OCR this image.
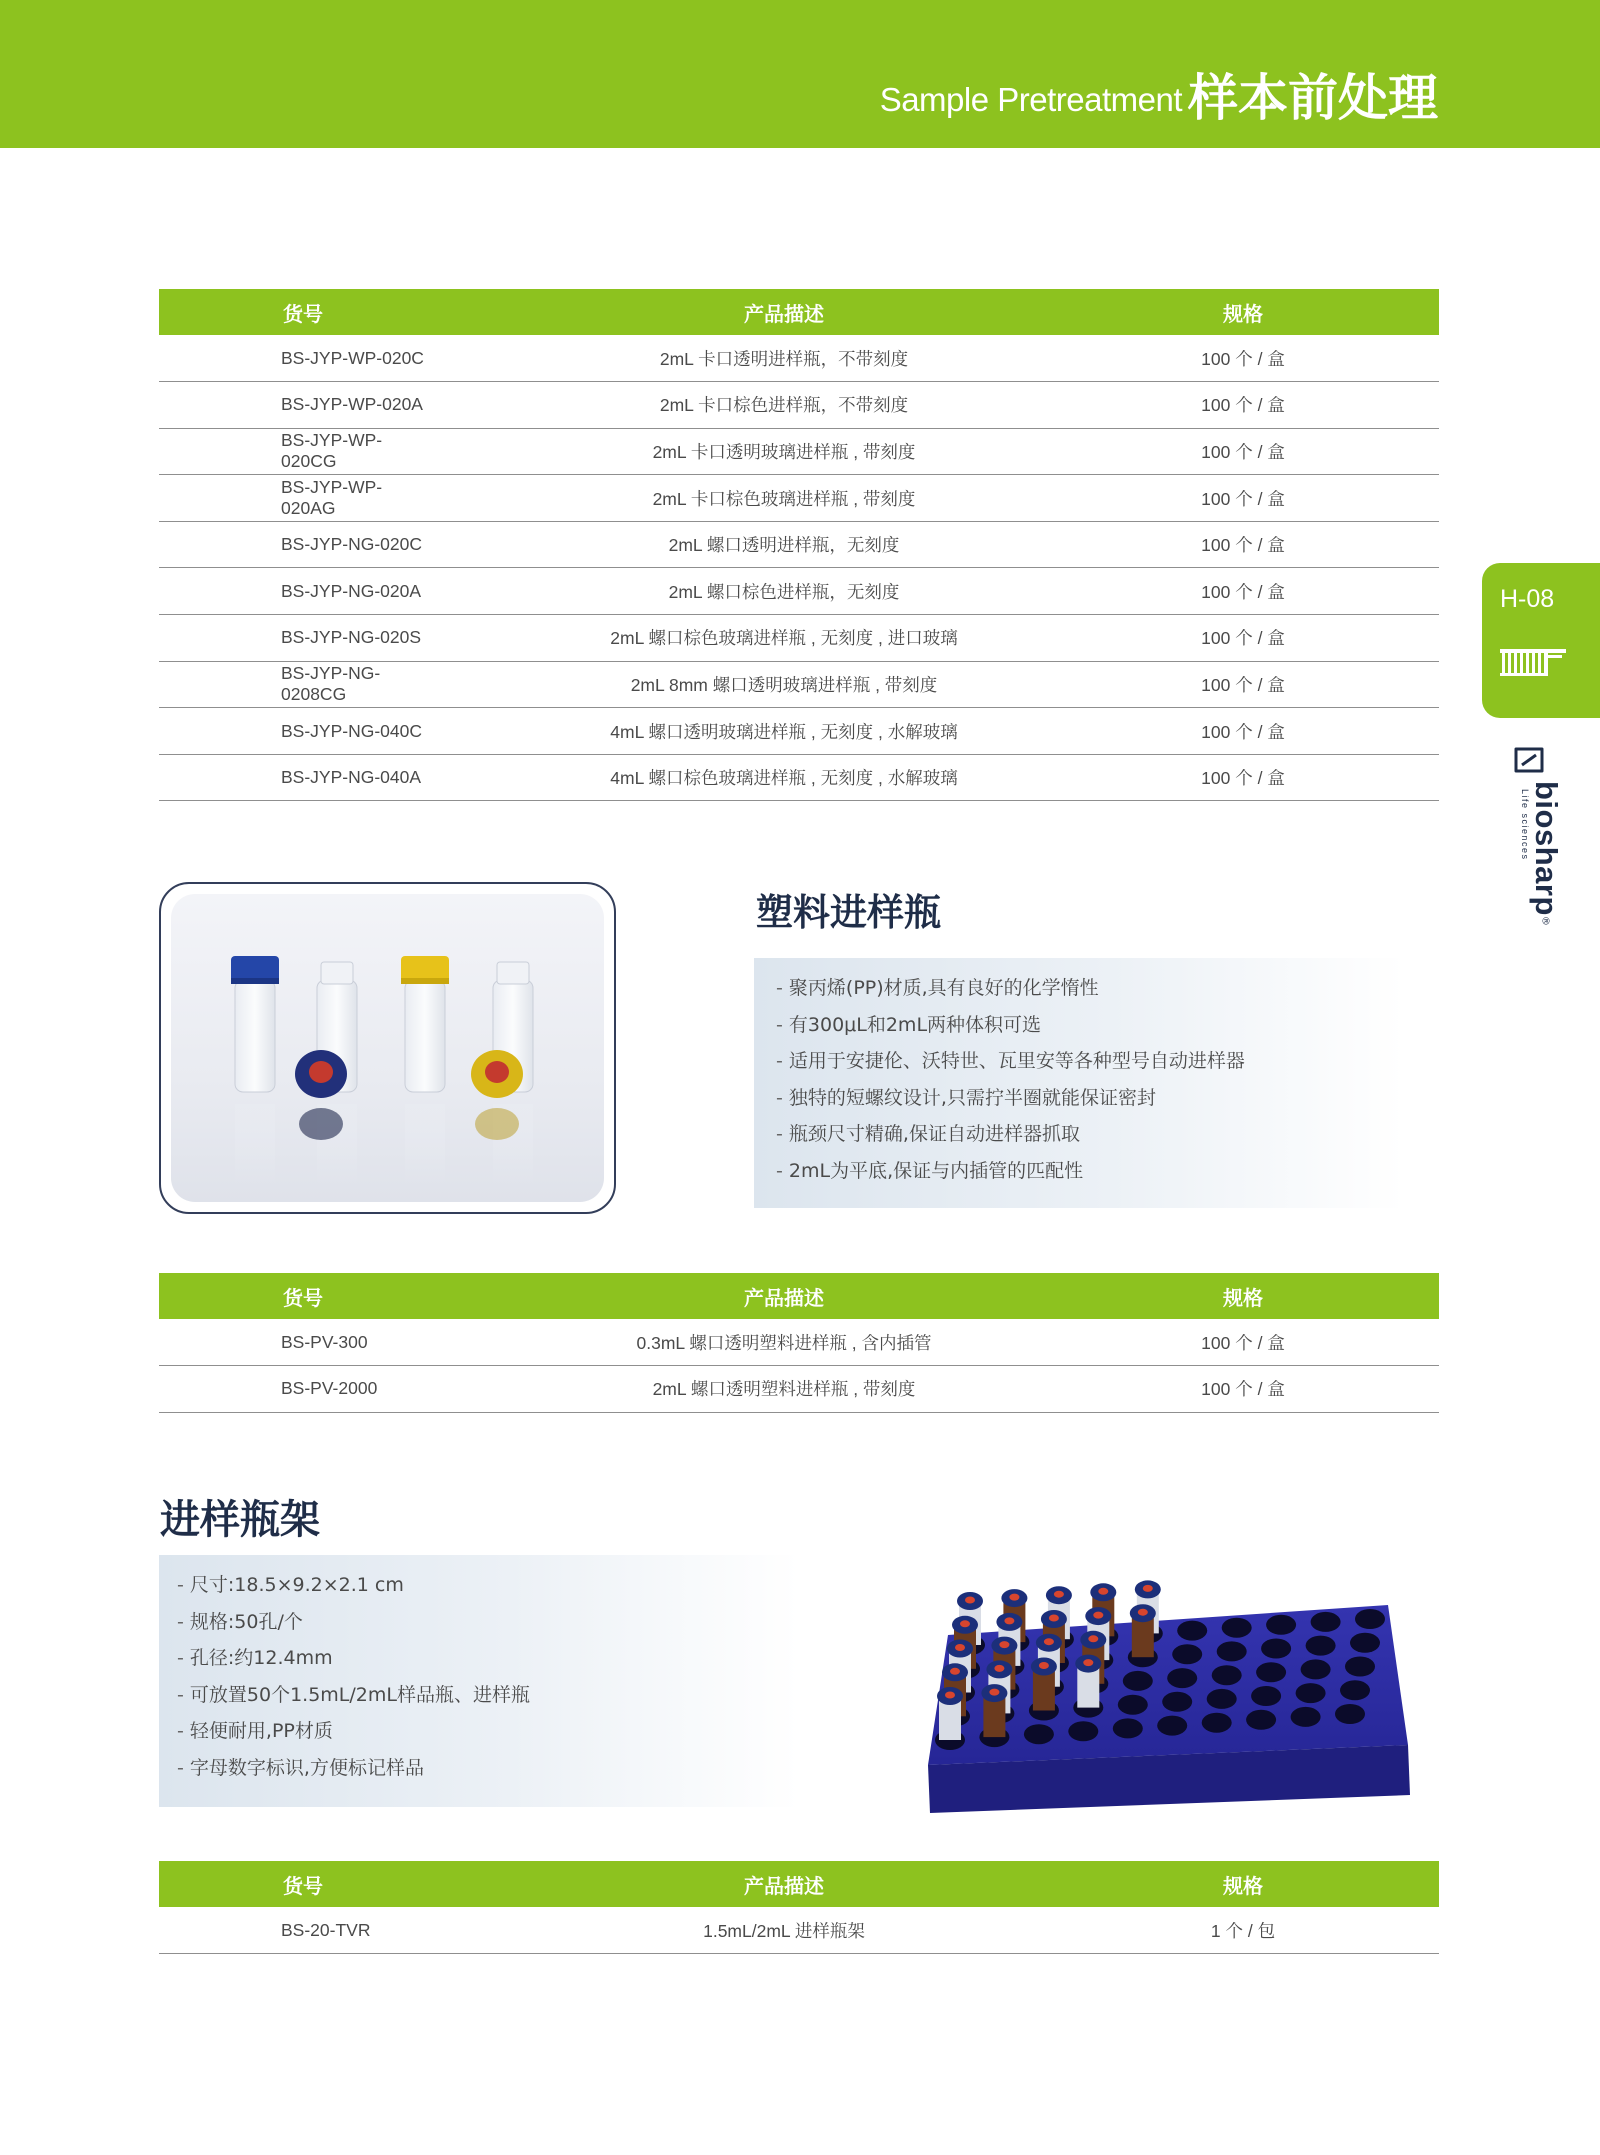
Sample Pretreatment 样本前处理
H-08
biosharp®
Life sciences
货号	产品描述	规格
BS-JYP-WP-020C	2mL 卡口透明进样瓶，不带刻度	100 个 / 盒
BS-JYP-WP-020A	2mL 卡口棕色进样瓶，不带刻度	100 个 / 盒
BS-JYP-WP-020CG	2mL 卡口透明玻璃进样瓶 , 带刻度	100 个 / 盒
BS-JYP-WP-020AG	2mL 卡口棕色玻璃进样瓶 , 带刻度	100 个 / 盒
BS-JYP-NG-020C	2mL 螺口透明进样瓶，无刻度	100 个 / 盒
BS-JYP-NG-020A	2mL 螺口棕色进样瓶，无刻度	100 个 / 盒
BS-JYP-NG-020S	2mL 螺口棕色玻璃进样瓶 , 无刻度 , 进口玻璃	100 个 / 盒
BS-JYP-NG-0208CG	2mL 8mm 螺口透明玻璃进样瓶 , 带刻度	100 个 / 盒
BS-JYP-NG-040C	4mL 螺口透明玻璃进样瓶 , 无刻度 , 水解玻璃	100 个 / 盒
BS-JYP-NG-040A	4mL 螺口棕色玻璃进样瓶 , 无刻度 , 水解玻璃	100 个 / 盒
塑料进样瓶
- 聚丙烯(PP)材质,具有良好的化学惰性
- 有300μL和2mL两种体积可选
- 适用于安捷伦、沃特世、瓦里安等各种型号自动进样器
- 独特的短螺纹设计,只需拧半圈就能保证密封
- 瓶颈尺寸精确,保证自动进样器抓取
- 2mL为平底,保证与内插管的匹配性
货号	产品描述	规格
BS-PV-300	0.3mL 螺口透明塑料进样瓶 , 含内插管	100 个 / 盒
BS-PV-2000	2mL 螺口透明塑料进样瓶 , 带刻度	100 个 / 盒
进样瓶架
- 尺寸:18.5×9.2×2.1 cm
- 规格:50孔/个
- 孔径:约12.4mm
- 可放置50个1.5mL/2mL样品瓶、进样瓶
- 轻便耐用,PP材质
- 字母数字标识,方便标记样品
货号	产品描述	规格
BS-20-TVR	1.5mL/2mL 进样瓶架	1 个 / 包
